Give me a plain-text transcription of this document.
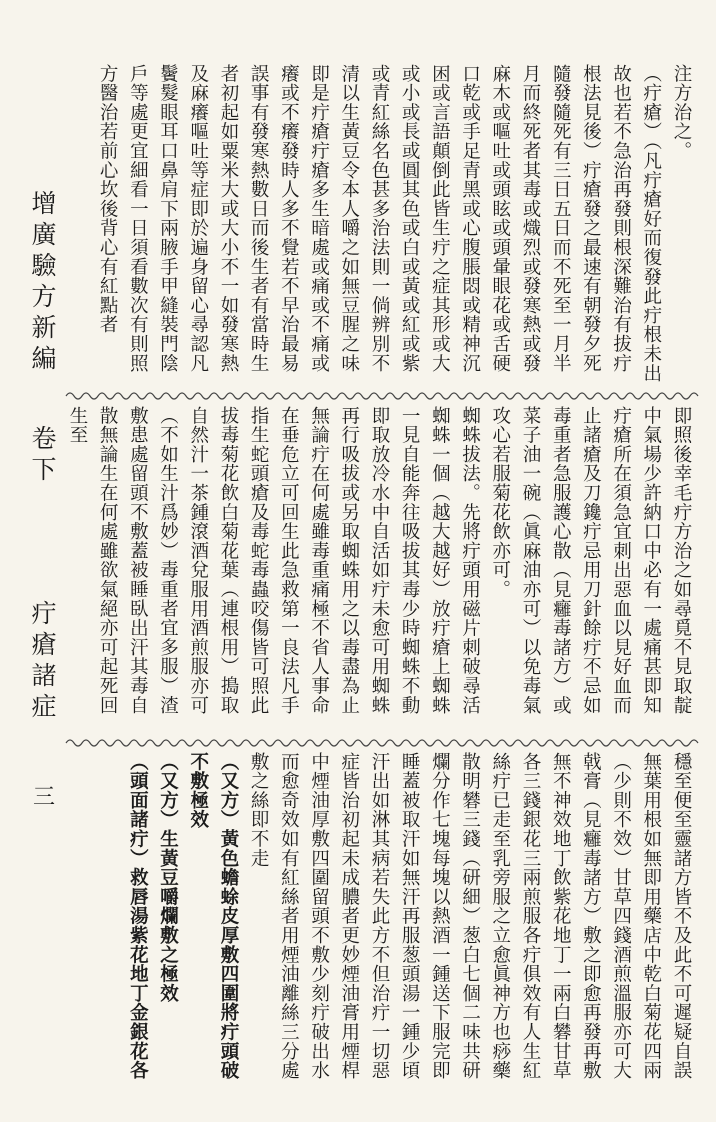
增廣驗方新編 卷下
疔瘡諸症
三

注方治之。

（疔瘡）（凡疔瘡好而復發此疔根未出故也若不急治再發則根深難治有拔疔根法見後）疔瘡發之最速有朝發夕死隨發隨死有三日五日而不死至一月半月而終死者其毒或熾烈或發寒熱或發麻木或嘔吐或頭眩或頭暈眼花或舌硬口乾或手足青黑或心腹脹悶或精神沉困或言語顛倒此皆生疔之症其形或大或小或長或圓其色或白或黃或紅或紫或青紅絲名色甚多治法則一倘辨別不清以生黃豆令本人嚼之如無豆腥之味即是疔瘡疔瘡多生暗處或痛或不痛或癢或不癢發時人多不覺若不早治最易誤事有發寒熱數日而後生者有當時生者初起如粟米大或大小不一如發寒熱及麻癢嘔吐等症即於遍身留心尋認凡鬢髮眼耳口鼻肩下兩腋手甲縫裝門陰戶等處更宜細看一日須看數次有則照方醫治若前心坎後背心有紅點者

即照後幸毛疔方治之如尋覓不見取靛中氣場少許納口中必有一處痛甚即知疔瘡所在須急宜刺出惡血以見好血而止諸瘡及刀鑱疔忌用刀針餘疔不忌如毒重者急服護心散（見癰毒諸方）或菜子油一碗（眞麻油亦可）以免毒氣攻心若服菊花飲亦可。

蜘蛛拔法。先將疔頭用磁片刺破尋活蜘蛛一個（越大越好）放疔瘡上蜘蛛一見自能奔往吸拔其毒少時蜘蛛不動即取放冷水中自活如疔未愈可用蜘蛛再行吸拔或另取蜘蛛用之以毒盡為止無論疔在何處雖毒重痛極不省人事命在垂危立可回生此急救第一良法凡手指生蛇頭瘡及毒蛇毒蟲咬傷皆可照此拔毒菊花飲白菊花葉（連根用）搗取自然汁一茶鍾滾酒兌服用酒煎服亦可（不如生汁爲妙）毒重者宜多服）渣敷患處留頭不敷蓋被睡臥出汗其毒自散無論生在何處雖欲氣絕亦可起死回生至

穩至便至靈諸方皆不及此不可遲疑自誤無葉用根如無即用藥店中乾白菊花四兩（少則不效）甘草四錢酒煎溫服亦可大戟膏（見癰毒諸方）敷之即愈再發再敷無不神效地丁飲紫花地丁一兩白礬甘草各三錢銀花三兩煎服各疔俱效有人生紅絲疔已走至乳旁服之立愈眞神方也痧藥散明礬三錢（研細）葱白七個二味共研爛分作七塊每塊以熱酒一鍾送下服完即睡蓋被取汗如無汗再服葱頭湯一鍾少頃汗出如淋其病若失此方不但治疔一切惡症皆治初起未成膿者更妙煙油膏用煙桿中煙油厚敷四圍留頭不敷少刻疔破出水而愈奇效如有紅絲者用煙油離絲三分處敷之絲即不走

（又方）黃色蟾蜍皮厚敷四圍將疔頭破不敷極效

（又方）生黃豆嚼爛敷之極效

（頭面諸疔）救唇湯紫花地丁金銀花各
